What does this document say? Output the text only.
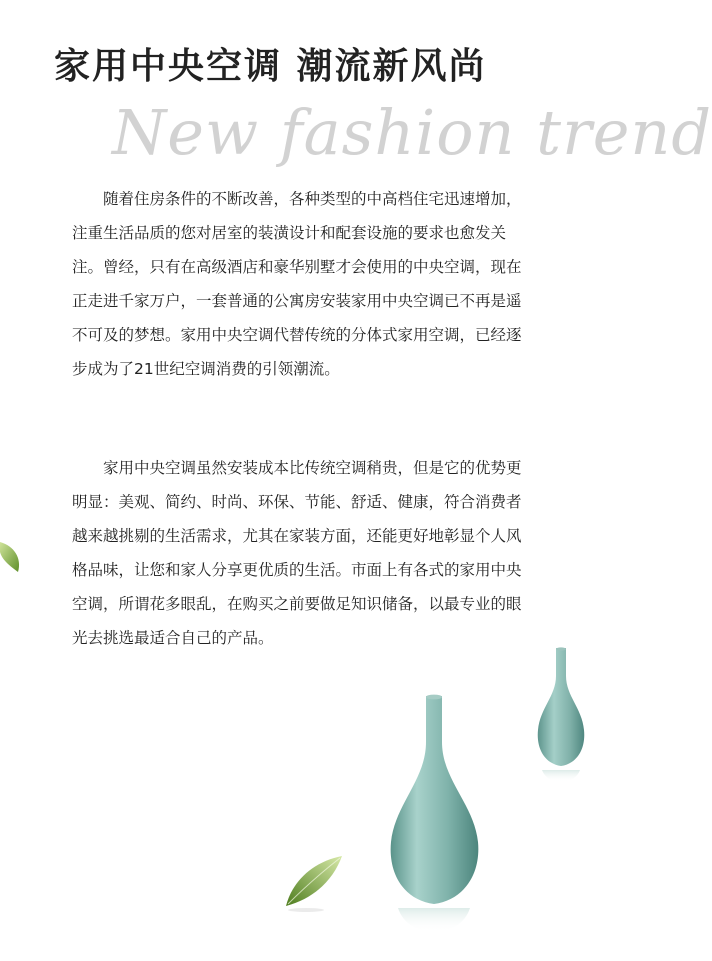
家用中央空调 潮流新风尚
New fashion trend

随着住房条件的不断改善，各种类型的中高档住宅迅速增加，注重生活品质的您对居室的装潢设计和配套设施的要求也愈发关注。曾经，只有在高级酒店和豪华别墅才会使用的中央空调，现在正走进千家万户，一套普通的公寓房安装家用中央空调已不再是遥不可及的梦想。家用中央空调代替传统的分体式家用空调，已经逐步成为了21世纪空调消费的引领潮流。

家用中央空调虽然安装成本比传统空调稍贵，但是它的优势更明显：美观、简约、时尚、环保、节能、舒适、健康，符合消费者越来越挑剔的生活需求，尤其在家装方面，还能更好地彰显个人风格品味，让您和家人分享更优质的生活。市面上有各式的家用中央空调，所谓花多眼乱，在购买之前要做足知识储备，以最专业的眼光去挑选最适合自己的产品。
